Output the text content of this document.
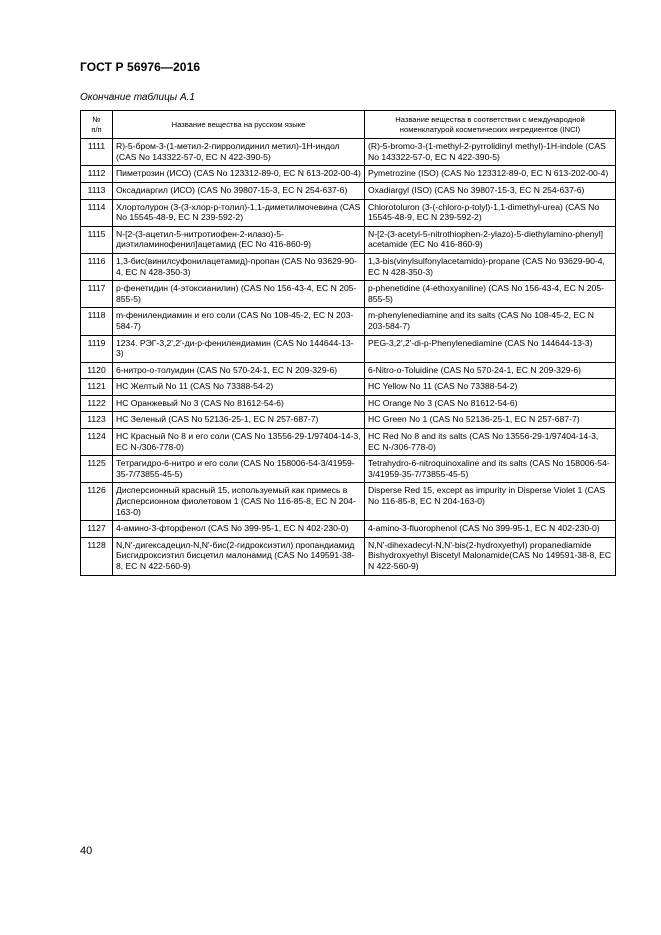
ГОСТ Р 56976—2016
Окончание таблицы А.1
№
п/п	Название вещества на русском языке	Название вещества в соответствии с международной номенклатурой косметических ингредиентов (INCI)
1111	R)-5-бром-3-(1-метил-2-пирролидинил метил)-1H-индол (CAS No 143322-57-0, ЕС N 422-390-5)	(R)-5-bromo-3-(1-methyl-2-pyrrolidinyl methyl)-1H-indole (CAS No 143322-57-0, EC N 422-390-5)
1112	Пиметрозин (ИСО) (CAS No 123312-89-0, ЕС N 613-202-00-4)	Pymetrozine (ISO) (CAS No 123312-89-0, EC N 613-202-00-4)
1113	Оксадиаргил (ИСО) (CAS No 39807-15-3, ЕС N 254-637-6)	Oxadiargyl (ISO) (CAS No 39807-15-3, EC N 254-637-6)
1114	Хлортолурон (3-(3-хлор-p-толил)-1,1-диметилмочевина (CAS No 15545-48-9, ЕС N 239-592-2)	Chlorotoluron (3-(-chloro-p-tolyl)-1,1-dimethyl-urea) (CAS No 15545-48-9, EC N 239-592-2)
1115	N-[2-(3-ацетил-5-нитротиофен-2-илазо)-5-диэтиламинофенил]ацетамид (ЕС No 416-860-9)	N-[2-(3-acetyl-5-nitrothiophen-2-ylazo)-5-diethylamino-phenyl] acetamide (EC No 416-860-9)
1116	1,3-бис(винилсуфонилацетамид)-пропан (CAS No 93629-90-4, ЕС N 428-350-3)	1,3-bis(vinylsulfonylacetamido)-propane (CAS No 93629-90-4, EC N 428-350-3)
1117	p-фенетидин (4-этоксианилин) (CAS No 156-43-4, ЕС N 205-855-5)	p-phenetidine (4-ethoxyaniline) (CAS No 156-43-4, EC N 205-855-5)
1118	m-фенилендиамин и его соли (CAS No 108-45-2, ЕС N 203-584-7)	m-phenylenediamine and its salts (CAS No 108-45-2, EC N 203-584-7)
1119	1234. РЭГ-3,2',2'-ди-p-фенилендиамин (CAS No 144644-13-3)	PEG-3,2',2'-di-p-Phenylenediamine (CAS No 144644-13-3)
1120	6-нитро-о-толуидин (CAS No 570-24-1, ЕС N 209-329-6)	6-Nitro-o-Toluidine (CAS No 570-24-1, EC N 209-329-6)
1121	HC Желтый No 11 (CAS No 73388-54-2)	HC Yellow No 11 (CAS No 73388-54-2)
1122	HC Оранжевый No 3 (CAS No 81612-54-6)	HC Orange No 3 (CAS No 81612-54-6)
1123	HC Зеленый (CAS No 52136-25-1, ЕС N 257-687-7)	HC Green No 1 (CAS No 52136-25-1, EC N 257-687-7)
1124	HC Красный No 8 и его соли (CAS No 13556-29-1/97404-14-3, ЕС N-/306-778-0)	HC Red No 8 and its salts (CAS No 13556-29-1/97404-14-3, EC N-/306-778-0)
1125	Тетрагидро-6-нитро и его соли (CAS No 158006-54-3/41959-35-7/73855-45-5)	Tetrahydro-6-nitroquinoxaline and its salts (CAS No 158006-54-3/41959-35-7/73855-45-5)
1126	Дисперсионный красный 15, используемый как примесь в Дисперсионном фиолетовом 1 (CAS No 116-85-8, ЕС N 204-163-0)	Disperse Red 15, except as impurity in Disperse Violet 1 (CAS No 116-85-8, EC N 204-163-0)
1127	4-амино-3-фторфенол (CAS No 399-95-1, ЕС N 402-230-0)	4-amino-3-fluorophenol (CAS No 399-95-1, EC N 402-230-0)
1128	N,N'-дигексадецил-N,N'-бис(2-гидроксиэтил) пропандиамид Бисгидроксиэтил бисцетил малонамид (CAS No 149591-38-8, ЕС N 422-560-9)	N,N'-dihexadecyl-N,N'-bis(2-hydroxyethyl) propanediamide Bishydroxyethyl Biscetyl Malonamide(CAS No 149591-38-8, EC N 422-560-9)
40
